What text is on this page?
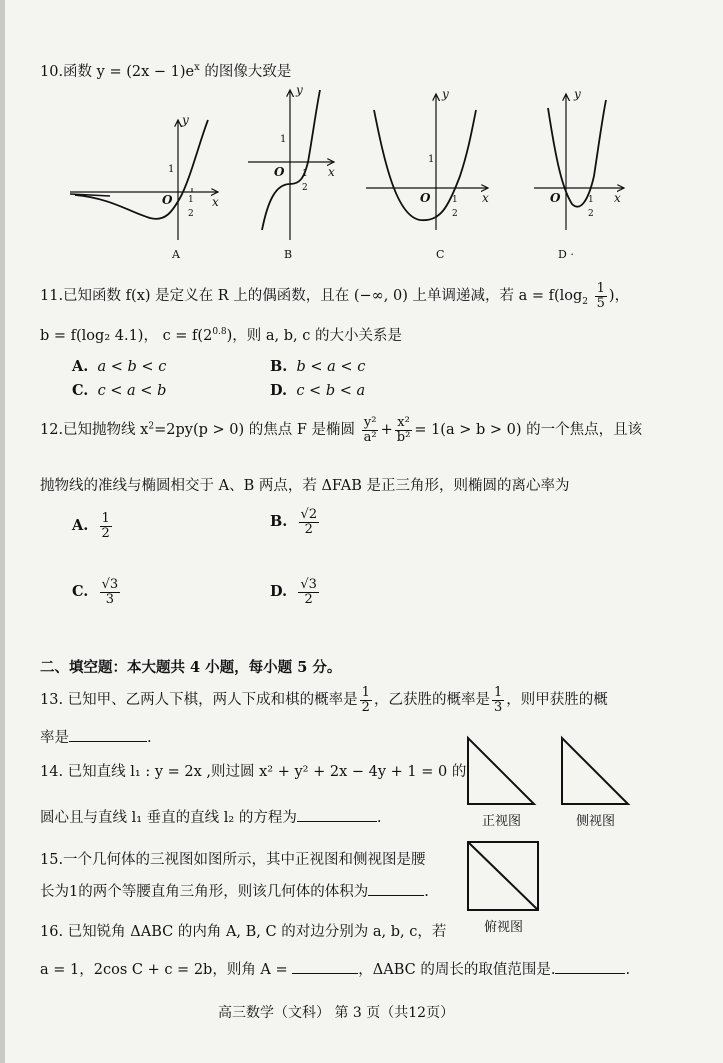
10.函数 $y = (2x - 1)e^x$ 的图像大致是
y
x
O
1
1
2
A
y
x
O
1
1
2
B
y
x
O
1
1
2
C
y
x
O	1
2
D ·
11.已知函数 f(x) 是定义在 R 上的偶函数，且在 (−∞, 0) 上单调递减，若 $a = f(\log_2 \frac{1}{5}$ )，
b = f(log₂ 4.1)， $c = f(2^{0.8})$，则 a, b, c 的大小关系是
A. a < b < c	B. b < a < c
C. c < a < b	D. c < b < a
12.已知抛物线 $x^2=2py(p > 0)$ 的焦点 F 是椭圆 $\frac{\text{y²}}{\text{a²}} + \frac{\text{x²}}{\text{b²}} = 1(a > b > 0)$ 的一个焦点，且该
抛物线的准线与椭圆相交于 A、B 两点，若 ΔFAB 是正三角形，则椭圆的离心率为
A. $\frac{1}{2}$	B. $\frac{√2}{2}$
C. $\frac{√3}{3}$	D. $\frac{√3}{2}$
二、填空题：本大题共 4 小题，每小题 5 分。
13. 已知甲、乙两人下棋，两人下成和棋的概率是 $\frac{1}{2}$ ，乙获胜的概率是 $\frac{1}{3}$ ，则甲获胜的概
率是	.
14. 已知直线 l₁ : y = 2x ,则过圆 x² + y² + 2x − 4y + 1 = 0 的
圆心且与直线 l₁ 垂直的直线 l₂ 的方程为	.
15.一个几何体的三视图如图所示，其中正视图和侧视图是腰
长为1的两个等腰直角三角形，则该几何体的体积为	.
16. 已知锐角 ΔABC 的内角 A, B, C 的对边分别为 a, b, c，若
a = 1，2cos C + c = 2b，则角 A =	，ΔABC 的周长的取值范围是.	.
正视图	侧视图
俯视图
高三数学（文科） 第 3 页（共12页）
